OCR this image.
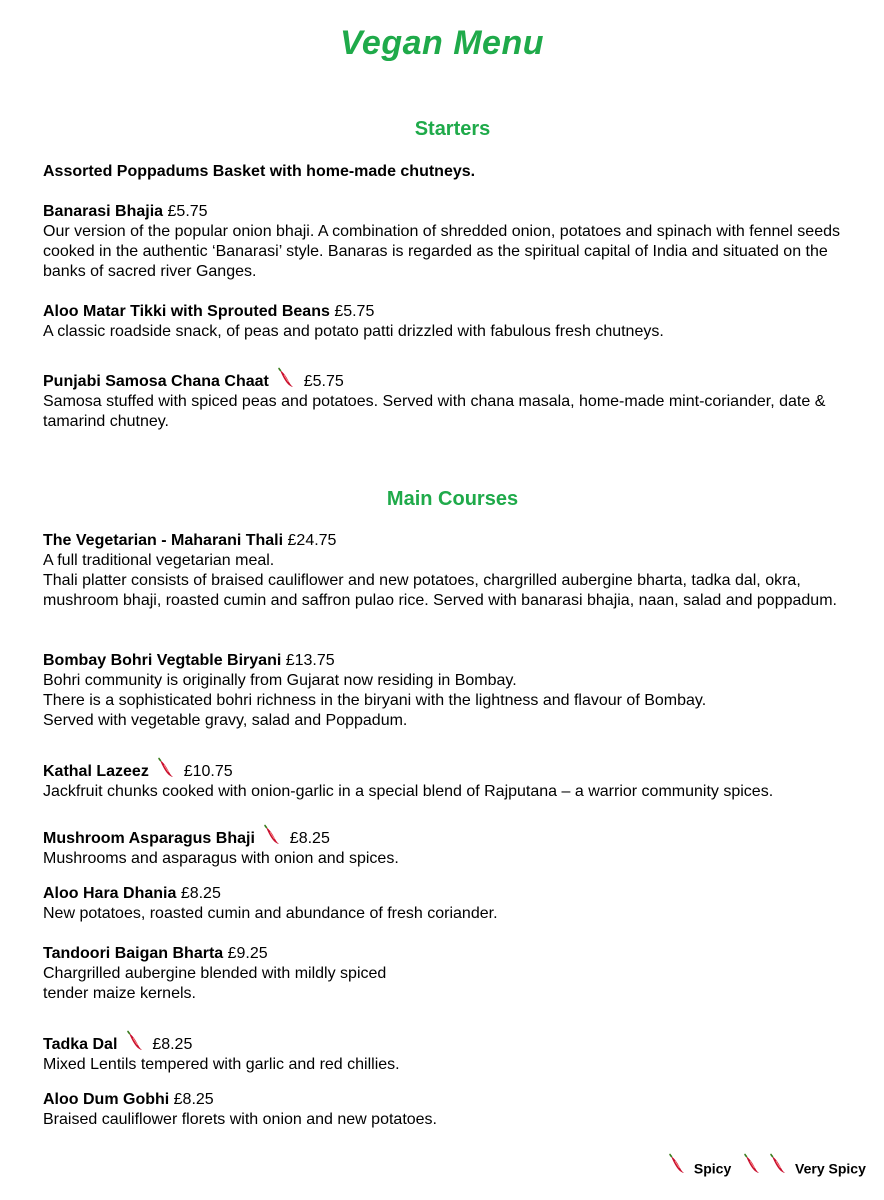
Vegan Menu
Starters
Assorted Poppadums Basket with home-made chutneys.
Banarasi Bhajia £5.75
Our version of the popular onion bhaji. A combination of shredded onion, potatoes and spinach with fennel seeds cooked in the authentic ‘Banarasi’ style. Banaras is regarded as the spiritual capital of India and situated on the banks of sacred river Ganges.
Aloo Matar Tikki with Sprouted Beans £5.75
A classic roadside snack, of peas and potato patti drizzled with fabulous fresh chutneys.
Punjabi Samosa Chana Chaat £5.75
Samosa stuffed with spiced peas and potatoes. Served with chana masala, home-made mint-coriander, date & tamarind chutney.
Main Courses
The Vegetarian - Maharani Thali £24.75
A full traditional vegetarian meal.
Thali platter consists of braised cauliflower and new potatoes, chargrilled aubergine bharta, tadka dal, okra, mushroom bhaji, roasted cumin and saffron pulao rice. Served with banarasi bhajia, naan, salad and poppadum.
Bombay Bohri Vegtable Biryani £13.75
Bohri community is originally from Gujarat now residing in Bombay.
There is a sophisticated bohri richness in the biryani with the lightness and flavour of Bombay.
Served with vegetable gravy, salad and Poppadum.
Kathal Lazeez £10.75
Jackfruit chunks cooked with onion-garlic in a special blend of Rajputana – a warrior community spices.
Mushroom Asparagus Bhaji £8.25
Mushrooms and asparagus with onion and spices.
Aloo Hara Dhania £8.25
New potatoes, roasted cumin and abundance of fresh coriander.
Tandoori Baigan Bharta £9.25
Chargrilled aubergine blended with mildly spiced
tender maize kernels.
Tadka Dal £8.25
Mixed Lentils tempered with garlic and red chillies.
Aloo Dum Gobhi £8.25
Braised cauliflower florets with onion and new potatoes.
Spicy	Very Spicy
